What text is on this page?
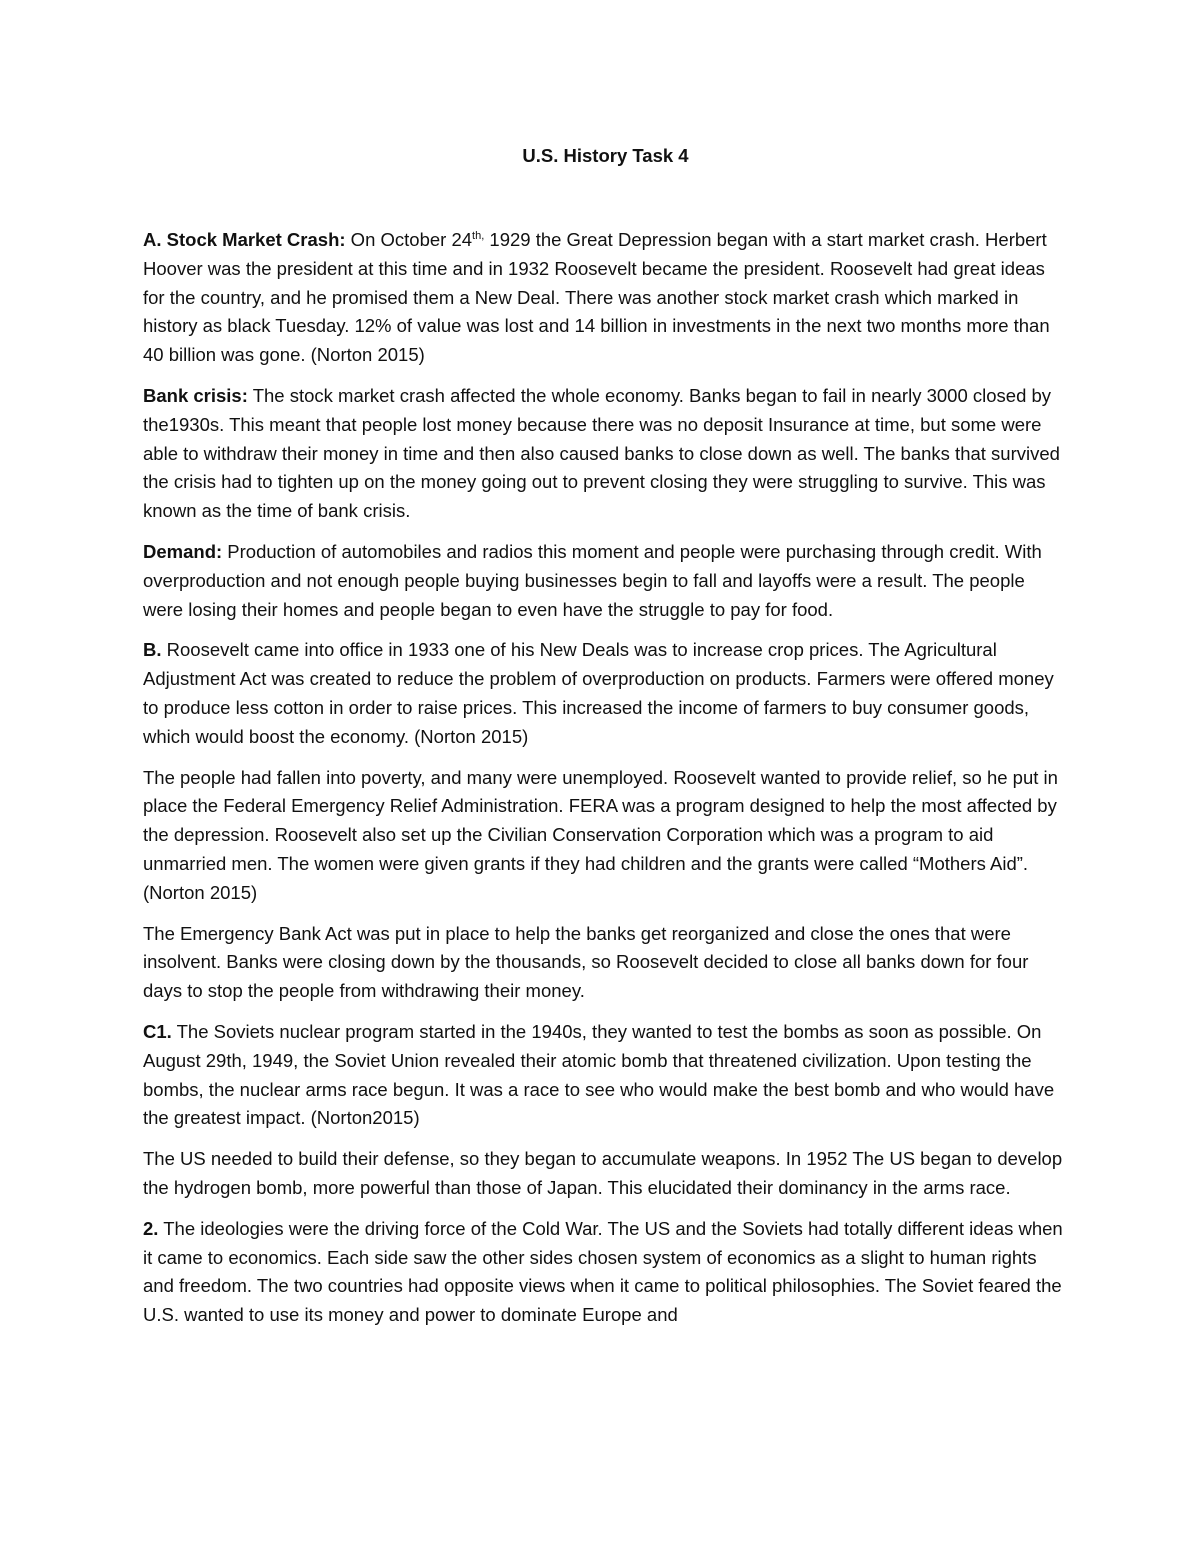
U.S. History Task 4

A. Stock Market Crash: On October $24^{th,}$ 1929 the Great Depression began with a start market crash. Herbert Hoover was the president at this time and in 1932 Roosevelt became the president. Roosevelt had great ideas for the country, and he promised them a New Deal. There was another stock market crash which marked in history as black Tuesday. 12% of value was lost and 14 billion in investments in the next two months more than 40 billion was gone. (Norton 2015)

Bank crisis: The stock market crash affected the whole economy. Banks began to fail in nearly 3000 closed by the1930s. This meant that people lost money because there was no deposit Insurance at time, but some were able to withdraw their money in time and then also caused banks to close down as well. The banks that survived the crisis had to tighten up on the money going out to prevent closing they were struggling to survive. This was known as the time of bank crisis.

Demand: Production of automobiles and radios this moment and people were purchasing through credit. With overproduction and not enough people buying businesses begin to fall and layoffs were a result. The people were losing their homes and people began to even have the struggle to pay for food.

B. Roosevelt came into office in 1933 one of his New Deals was to increase crop prices. The Agricultural Adjustment Act was created to reduce the problem of overproduction on products. Farmers were offered money to produce less cotton in order to raise prices. This increased the income of farmers to buy consumer goods, which would boost the economy. (Norton 2015)

The people had fallen into poverty, and many were unemployed. Roosevelt wanted to provide relief, so he put in place the Federal Emergency Relief Administration. FERA was a program designed to help the most affected by the depression. Roosevelt also set up the Civilian Conservation Corporation which was a program to aid unmarried men. The women were given grants if they had children and the grants were called “Mothers Aid”. (Norton 2015)

The Emergency Bank Act was put in place to help the banks get reorganized and close the ones that were insolvent. Banks were closing down by the thousands, so Roosevelt decided to close all banks down for four days to stop the people from withdrawing their money.

C1. The Soviets nuclear program started in the 1940s, they wanted to test the bombs as soon as possible. On August 29th, 1949, the Soviet Union revealed their atomic bomb that threatened civilization. Upon testing the bombs, the nuclear arms race begun. It was a race to see who would make the best bomb and who would have the greatest impact. (Norton2015)

The US needed to build their defense, so they began to accumulate weapons. In 1952 The US began to develop the hydrogen bomb, more powerful than those of Japan. This elucidated their dominancy in the arms race.

2. The ideologies were the driving force of the Cold War. The US and the Soviets had totally different ideas when it came to economics. Each side saw the other sides chosen system of economics as a slight to human rights and freedom. The two countries had opposite views when it came to political philosophies. The Soviet feared the U.S. wanted to use its money and power to dominate Europe and
